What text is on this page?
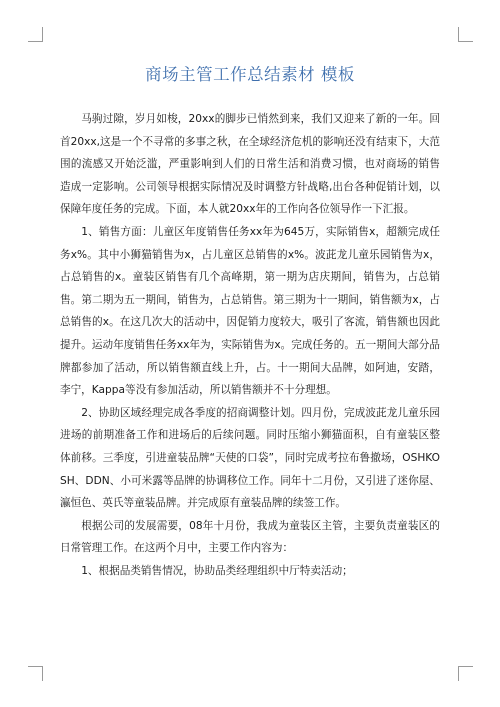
商场主管工作总结素材 模板

马驹过隙，岁月如梭，20xx的脚步已悄然到来，我们又迎来了新的一年。回首20xx,这是一个不寻常的多事之秋，在全球经济危机的影响还没有结束下，大范围的流感又开始泛滥，严重影响到人们的日常生活和消费习惯，也对商场的销售造成一定影响。公司领导根据实际情况及时调整方针战略,出台各种促销计划，以保障年度任务的完成。下面，本人就20xx年的工作向各位领导作一下汇报。

1、销售方面：儿童区年度销售任务xx年为645万，实际销售x，超额完成任务x%。其中小狮猫销售为x，占儿童区总销售的x%。波茈龙儿童乐园销售为x，占总销售的x。童装区销售有几个高峰期，第一期为店庆期间，销售为，占总销售。第二期为五一期间，销售为，占总销售。第三期为十一期间，销售额为x，占总销售的x。在这几次大的活动中，因促销力度较大，吸引了客流，销售额也因此提升。运动年度销售任务xx年为，实际销售为x。完成任务的。五一期间大部分品牌都参加了活动，所以销售额直线上升，占。十一期间大品牌，如阿迪，安踏，李宁，Kappa等没有参加活动，所以销售额并不十分理想。

2、协助区域经理完成各季度的招商调整计划。四月份，完成波茈龙儿童乐园进场的前期准备工作和进场后的后续问题。同时压缩小狮猫面积，自有童装区整体前移。三季度，引进童装品牌“天使的口袋”，同时完成考拉布鲁撤场，OSHKOSH、DDN、小可米露等品牌的协调移位工作。同年十二月份，又引进了迷你屋、瀛恒色、英氏等童装品牌。并完成原有童装品牌的续签工作。

根据公司的发展需要，08年十月份，我成为童装区主管，主要负责童装区的日常管理工作。在这两个月中，主要工作内容为：

1、根据品类销售情况，协助品类经理组织中厅特卖活动；
